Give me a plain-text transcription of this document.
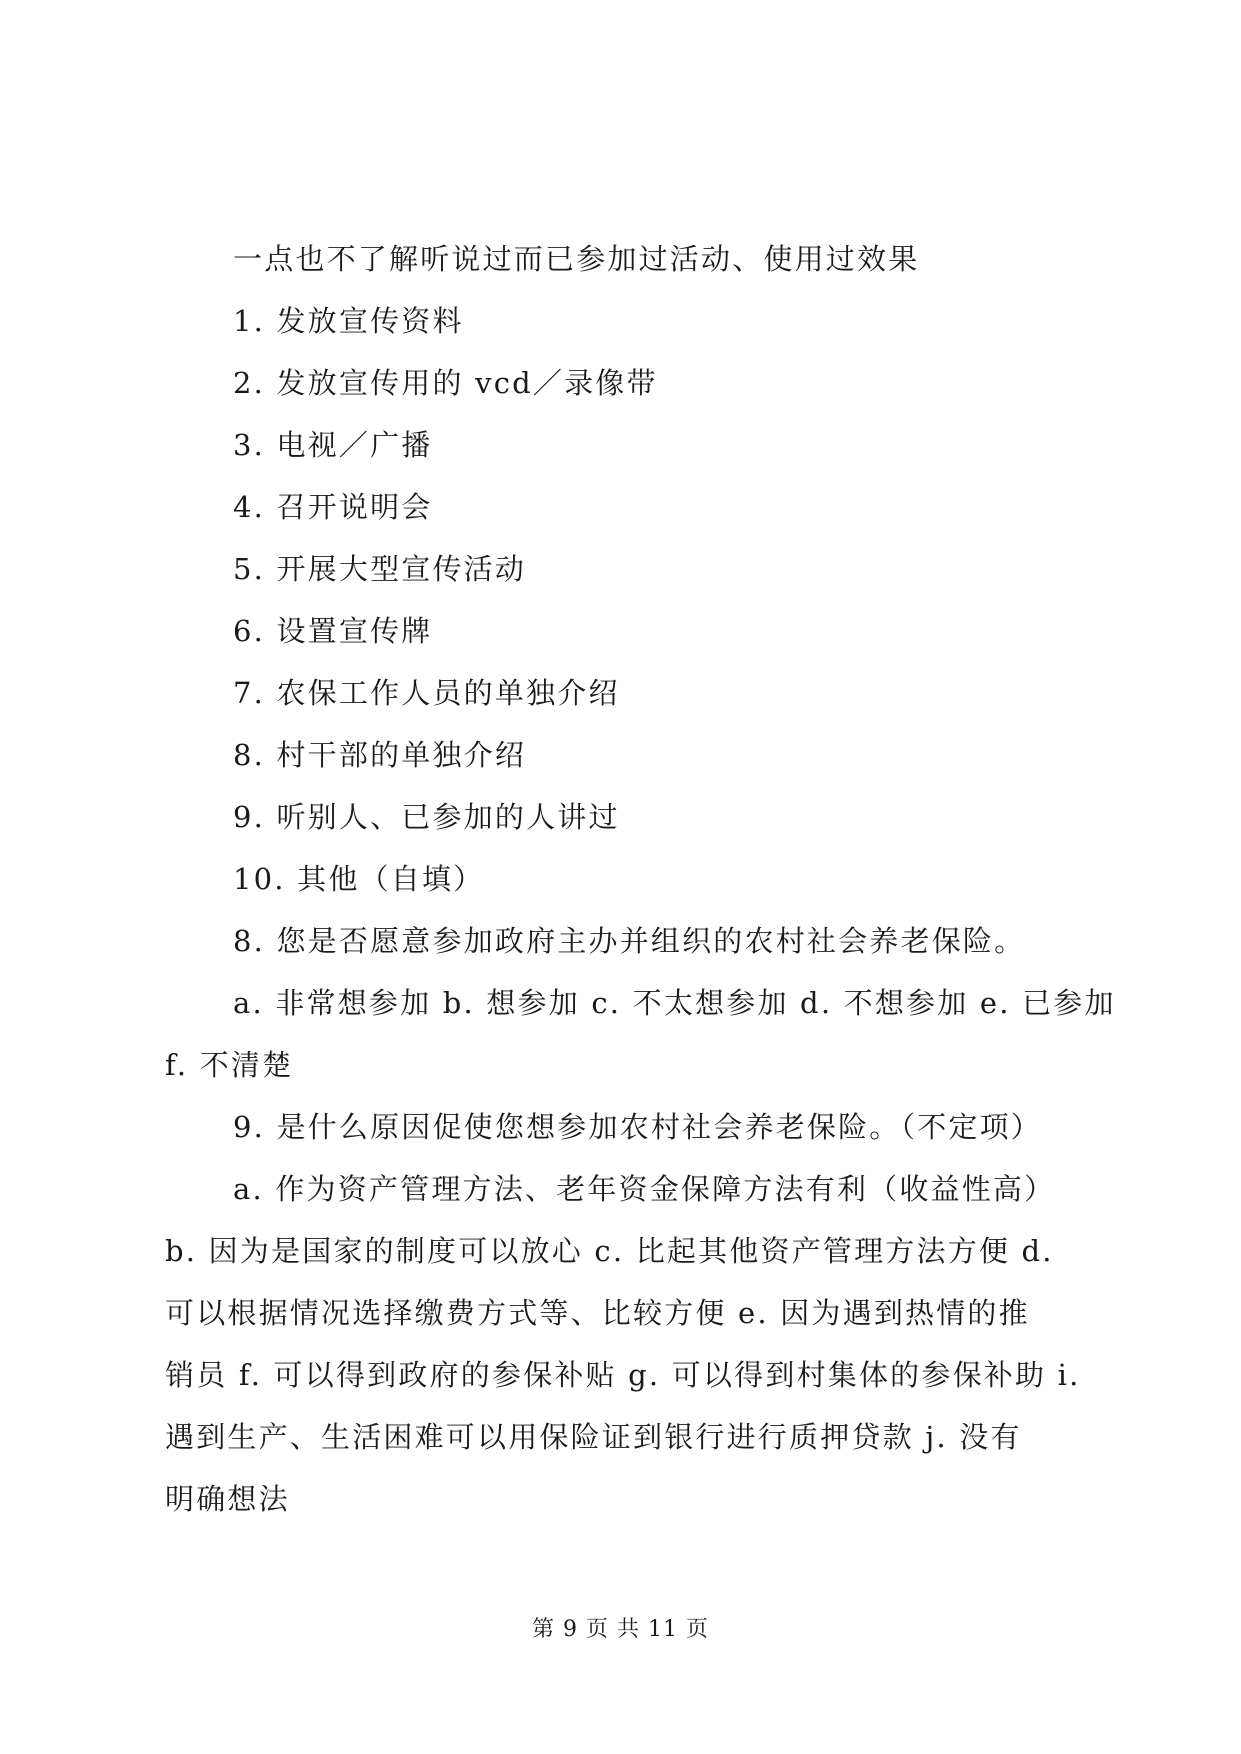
一点也不了解听说过而已参加过活动、使用过效果
1. 发放宣传资料
2. 发放宣传用的 vcd／录像带
3. 电视／广播
4. 召开说明会
5. 开展大型宣传活动
6. 设置宣传牌
7. 农保工作人员的单独介绍
8. 村干部的单独介绍
9. 听别人、已参加的人讲过
10. 其他（自填）
8. 您是否愿意参加政府主办并组织的农村社会养老保险。
a. 非常想参加 b. 想参加 c. 不太想参加 d. 不想参加 e. 已参加
f. 不清楚
9. 是什么原因促使您想参加农村社会养老保险。（不定项）
a. 作为资产管理方法、老年资金保障方法有利（收益性高）
b. 因为是国家的制度可以放心 c. 比起其他资产管理方法方便 d.
可以根据情况选择缴费方式等、比较方便 e. 因为遇到热情的推
销员 f. 可以得到政府的参保补贴 g. 可以得到村集体的参保补助 i.
遇到生产、生活困难可以用保险证到银行进行质押贷款 j. 没有
明确想法
第 9 页 共 11 页
